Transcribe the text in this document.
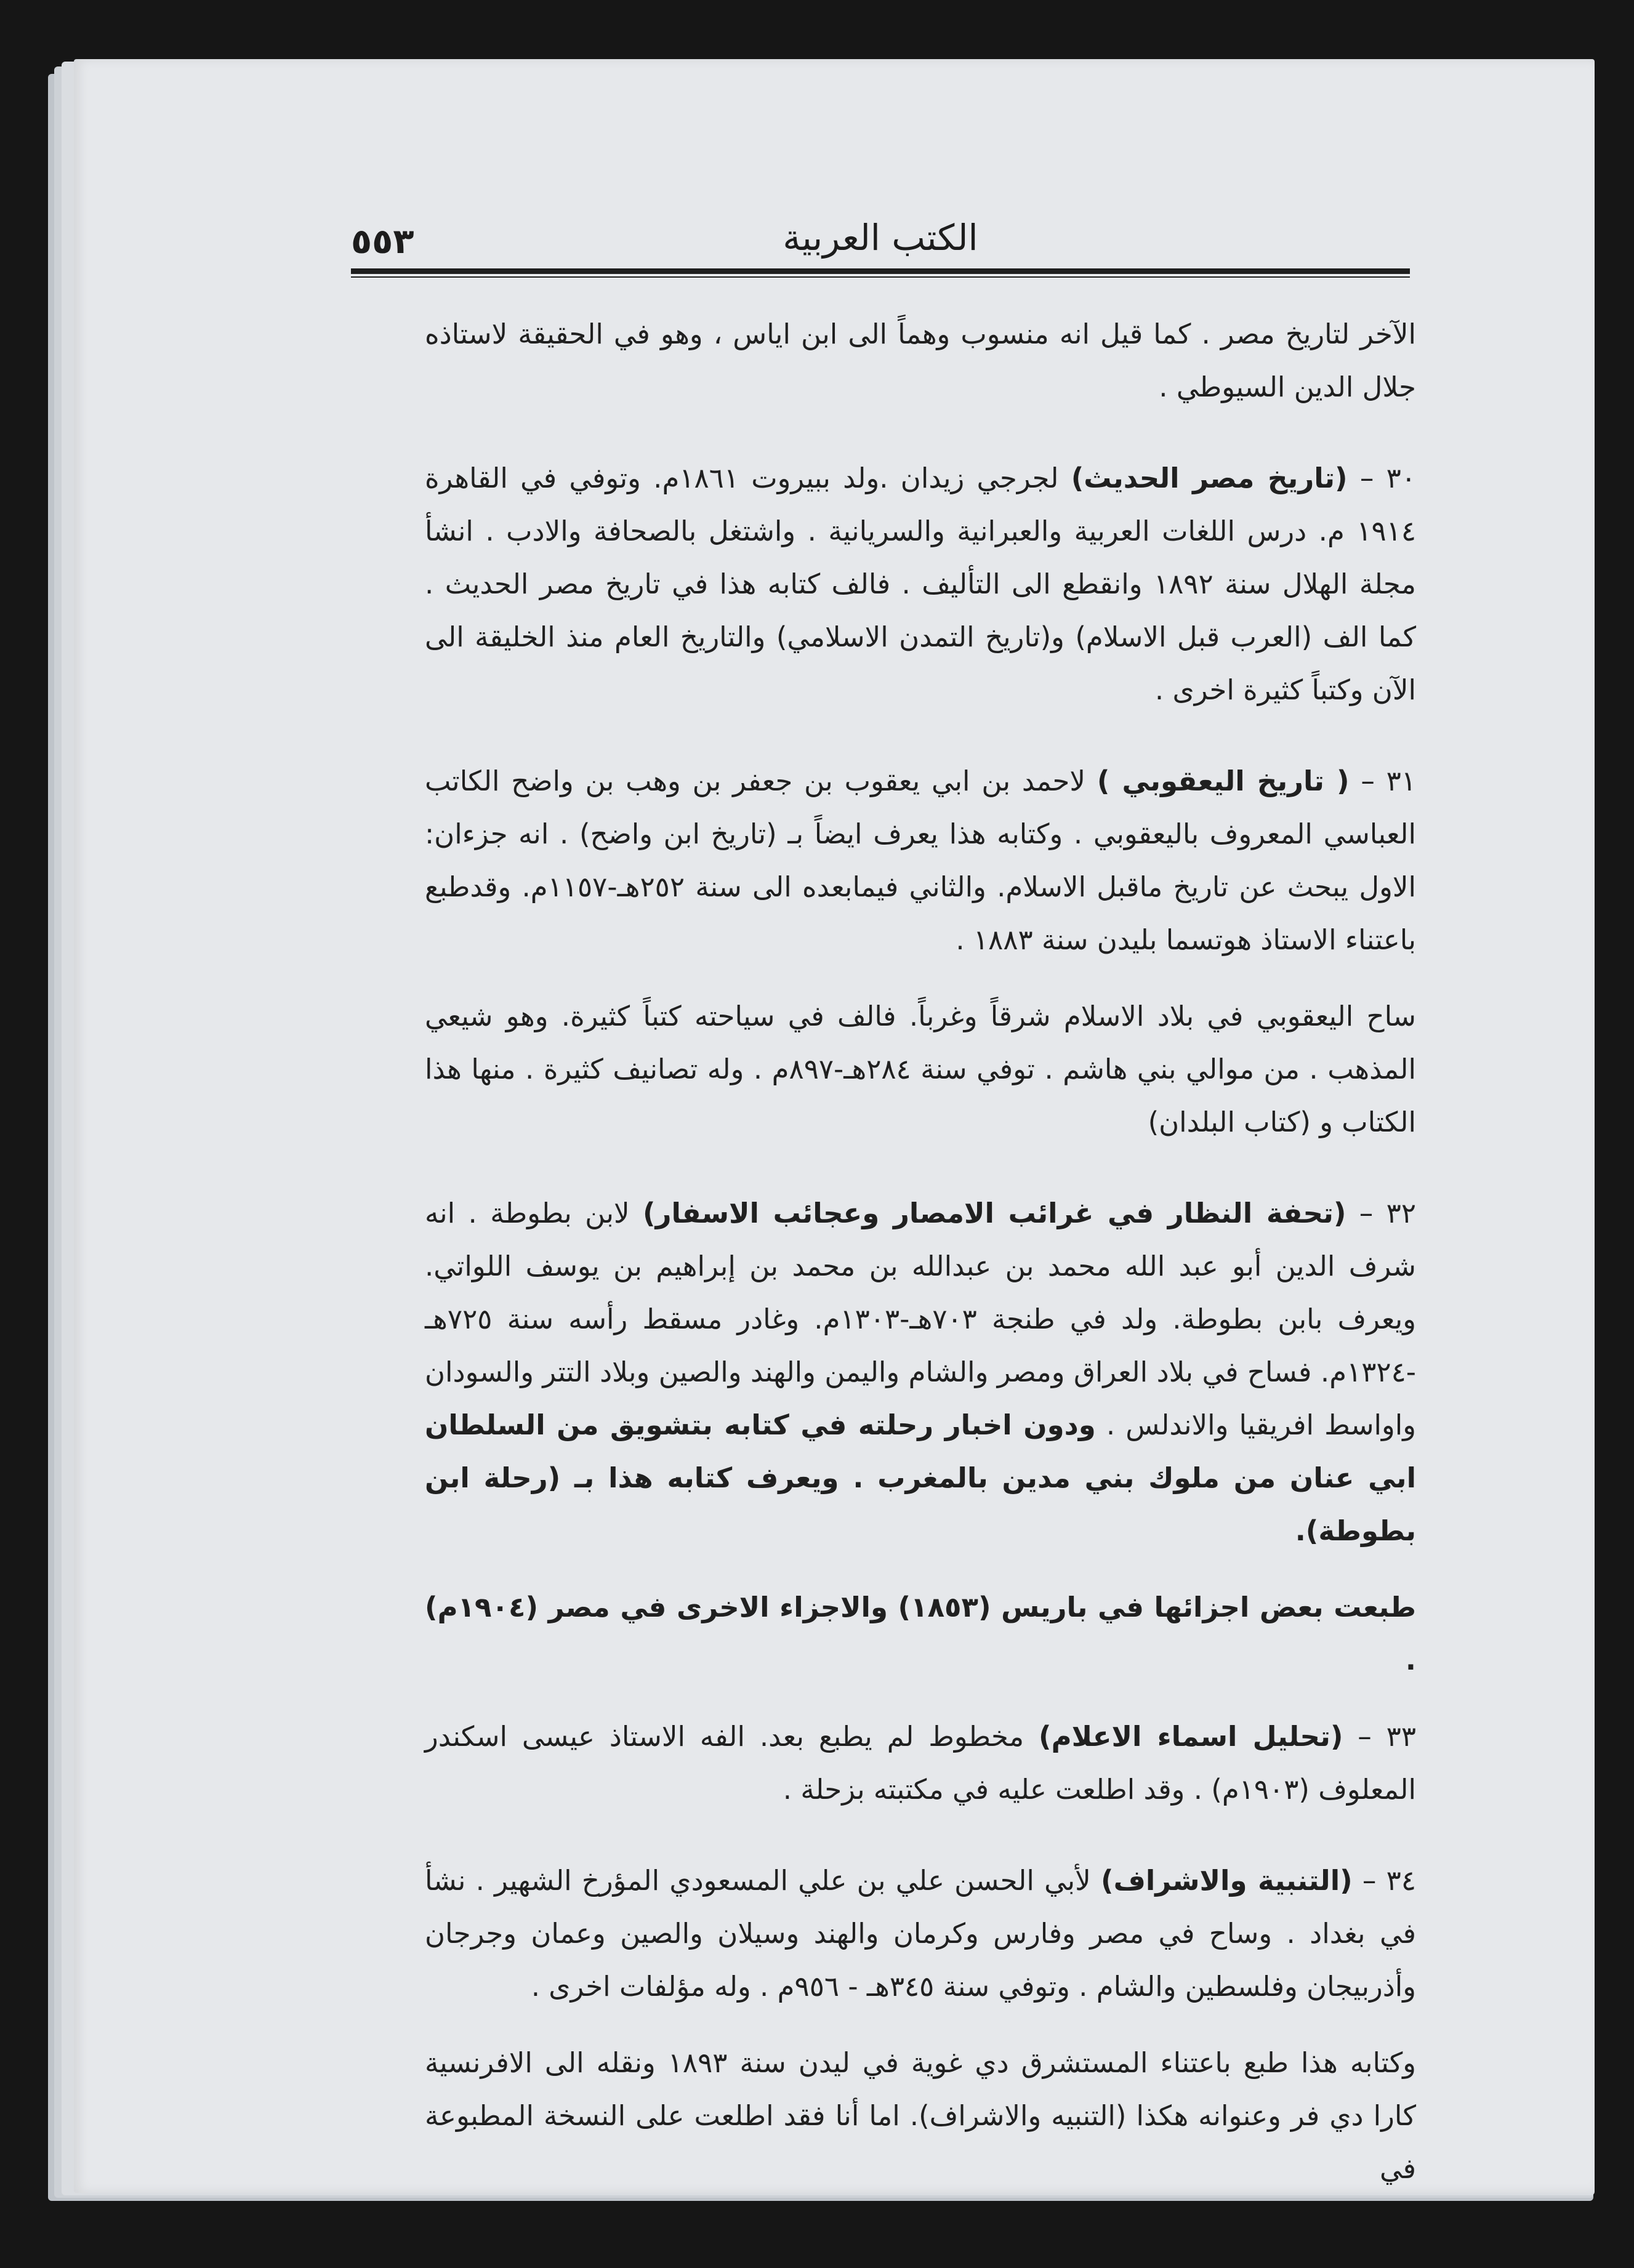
٥٥٣	الكتب العربية

الآخر لتاريخ مصر . كما قيل انه منسوب وهماً الى ابن اياس ، وهو في الحقيقة لاستاذه جلال الدين السيوطي .

٣٠ – (تاريخ مصر الحديث) لجرجي زيدان .ولد ببيروت ١٨٦١م. وتوفي في القاهرة ١٩١٤ م. درس اللغات العربية والعبرانية والسريانية . واشتغل بالصحافة والادب . انشأ مجلة الهلال سنة ١٨٩٢ وانقطع الى التأليف . فالف كتابه هذا في تاريخ مصر الحديث . كما الف (العرب قبل الاسلام) و(تاريخ التمدن الاسلامي) والتاريخ العام منذ الخليقة الى الآن وكتباً كثيرة اخرى .

٣١ – ( تاريخ اليعقوبي ) لاحمد بن ابي يعقوب بن جعفر بن وهب بن واضح الكاتب العباسي المعروف باليعقوبي . وكتابه هذا يعرف ايضاً بـ (تاريخ ابن واضح) . انه جزءان: الاول يبحث عن تاريخ ماقبل الاسلام. والثاني فيمابعده الى سنة ٢٥٢هـ-١١٥٧م. وقدطبع باعتناء الاستاذ هوتسما بليدن سنة ١٨٨٣ .

ساح اليعقوبي في بلاد الاسلام شرقاً وغرباً. فالف في سياحته كتباً كثيرة. وهو شيعي المذهب . من موالي بني هاشم . توفي سنة ٢٨٤هـ-٨٩٧م . وله تصانيف كثيرة . منها هذا الكتاب و (كتاب البلدان)

٣٢ – (تحفة النظار في غرائب الامصار وعجائب الاسفار) لابن بطوطة . انه شرف الدين أبو عبد الله محمد بن عبدالله بن محمد بن إبراهيم بن يوسف اللواتي. ويعرف بابن بطوطة. ولد في طنجة ٧٠٣هـ-١٣٠٣م. وغادر مسقط رأسه سنة ٧٢٥هـ -١٣٢٤م. فساح في بلاد العراق ومصر والشام واليمن والهند والصين وبلاد التتر والسودان واواسط افريقيا والاندلس . ودون اخبار رحلته في كتابه بتشويق من السلطان ابي عنان من ملوك بني مدين بالمغرب . ويعرف كتابه هذا بـ (رحلة ابن بطوطة).

طبعت بعض اجزائها في باريس (١٨٥٣) والاجزاء الاخرى في مصر (١٩٠٤م) .

٣٣ – (تحليل اسماء الاعلام) مخطوط لم يطبع بعد. الفه الاستاذ عيسى اسكندر المعلوف (١٩٠٣م) . وقد اطلعت عليه في مكتبته بزحلة .

٣٤ – (التنبية والاشراف) لأبي الحسن علي بن علي المسعودي المؤرخ الشهير . نشأ في بغداد . وساح في مصر وفارس وكرمان والهند وسيلان والصين وعمان وجرجان وأذربيجان وفلسطين والشام . وتوفي سنة ٣٤٥هـ - ٩٥٦م . وله مؤلفات اخرى .

وكتابه هذا طبع باعتناء المستشرق دي غوية في ليدن سنة ١٨٩٣ ونقله الى الافرنسية كارا دي فر وعنوانه هكذا (التنبيه والاشراف). اما أنا فقد اطلعت على النسخة المطبوعة في
